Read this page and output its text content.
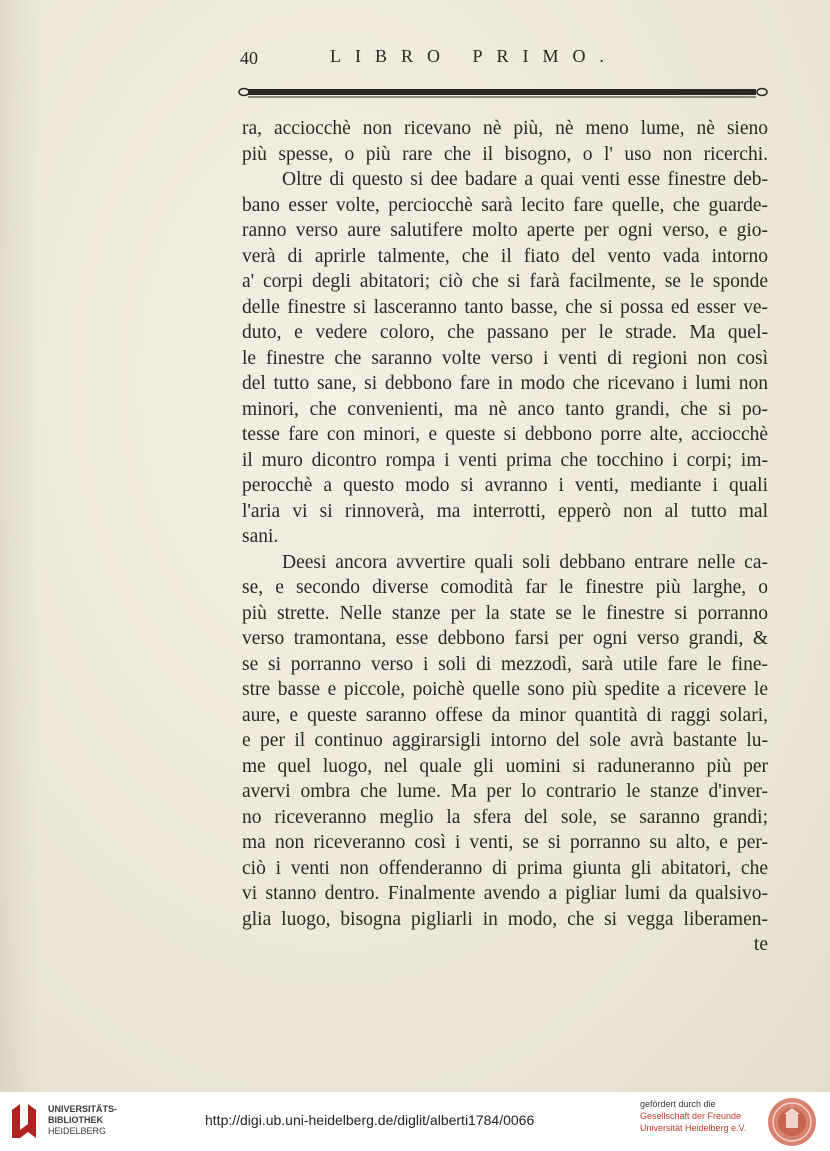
40	LIBRO PRIMO.
ra, acciocchè non ricevano nè più, nè meno lume, nè sieno
più spesse, o più rare che il bisogno, o l' uso non ricerchi.
Oltre di questo si dee badare a quai venti esse finestre deb-
bano esser volte, perciocchè sarà lecito fare quelle, che guarde-
ranno verso aure salutifere molto aperte per ogni verso, e gio-
verà di aprirle talmente, che il fiato del vento vada intorno
a' corpi degli abitatori; ciò che si farà facilmente, se le sponde
delle finestre si lasceranno tanto basse, che si possa ed esser ve-
duto, e vedere coloro, che passano per le strade. Ma quel-
le finestre che saranno volte verso i venti di regioni non così
del tutto sane, si debbono fare in modo che ricevano i lumi non
minori, che convenienti, ma nè anco tanto grandi, che si po-
tesse fare con minori, e queste si debbono porre alte, acciocchè
il muro dicontro rompa i venti prima che tocchino i corpi; im-
perocchè a questo modo si avranno i venti, mediante i quali
l'aria vi si rinnoverà, ma interrotti, epperò non al tutto mal
sani.
Deesi ancora avvertire quali soli debbano entrare nelle ca-
se, e secondo diverse comodità far le finestre più larghe, o
più strette. Nelle stanze per la state se le finestre si porranno
verso tramontana, esse debbono farsi per ogni verso grandi, &
se si porranno verso i soli di mezzodì, sarà utile fare le fine-
stre basse e piccole, poichè quelle sono più spedite a ricevere le
aure, e queste saranno offese da minor quantità di raggi solari,
e per il continuo aggirarsigli intorno del sole avrà bastante lu-
me quel luogo, nel quale gli uomini si raduneranno più per
avervi ombra che lume. Ma per lo contrario le stanze d'inver-
no riceveranno meglio la sfera del sole, se saranno grandi;
ma non riceveranno così i venti, se si porranno su alto, e per-
ciò i venti non offenderanno di prima giunta gli abitatori, che
vi stanno dentro. Finalmente avendo a pigliar lumi da qualsivo-
glia luogo, bisogna pigliarli in modo, che si vegga liberamen-
te
UNIVERSITÄTS-
BIBLIOTHEK
HEIDELBERG
http://digi.ub.uni-heidelberg.de/diglit/alberti1784/0066
gefördert durch die
Gesellschaft der Freunde
Universität Heidelberg e.V.
